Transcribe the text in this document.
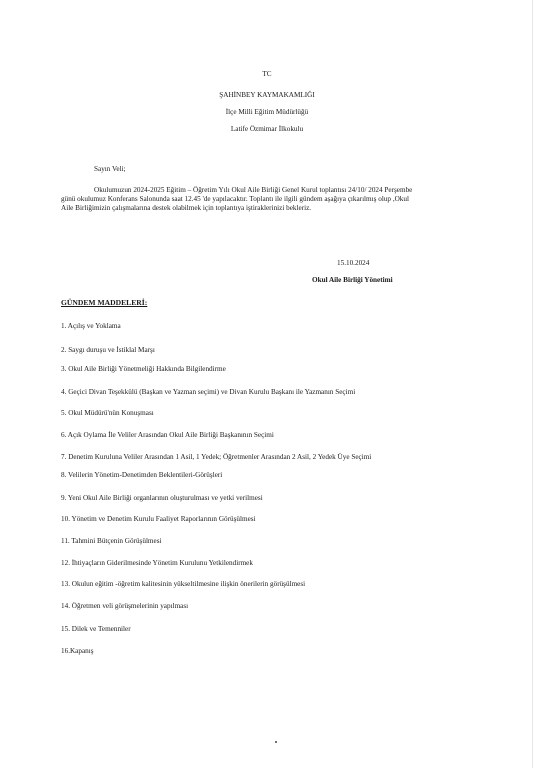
TC
ŞAHİNBEY KAYMAKAMLIĞI
İlçe Milli Eğitim Müdürlüğü
Latife Özmimar İlkokulu
Sayın Veli;
Okulumuzun 2024-2025 Eğitim – Öğretim Yılı Okul Aile Birliği Genel Kurul toplantısı 24/10/ 2024 Perşembe
günü okulumuz Konferans Salonunda saat 12.45 'de yapılacaktır. Toplantı ile ilgili gündem aşağıya çıkarılmış olup ,Okul
Aile Birliğimizin çalışmalarına destek olabilmek için toplantıya iştiraklerinizi bekleriz.
15.10.2024
Okul Aile Birliği Yönetimi
GÜNDEM MADDELERİ:
1. Açılış ve Yoklama
2. Saygı duruşu ve İstiklal Marşı
3. Okul Aile Birliği Yönetmeliği Hakkında Bilgilendirme
4. Geçici Divan Teşekkülü (Başkan ve Yazman seçimi) ve Divan Kurulu Başkanı ile Yazmanın Seçimi
5. Okul Müdürü'nün Konuşması
6. Açık Oylama İle Veliler Arasından Okul Aile Birliği Başkanının Seçimi
7. Denetim Kuruluna Veliler Arasından 1 Asil, 1 Yedek; Öğretmenler Arasından 2 Asil, 2 Yedek Üye Seçimi
8. Velilerin Yönetim-Denetimden Beklentileri-Görüşleri
9. Yeni Okul Aile Birliği organlarının oluşturulması ve yetki verilmesi
10. Yönetim ve Denetim Kurulu Faaliyet Raporlarının Görüşülmesi
11. Tahmini Bütçenin Görüşülmesi
12. İhtiyaçların Giderilmesinde Yönetim Kurulunu Yetkilendirmek
13. Okulun eğitim -öğretim kalitesinin yükseltilmesine ilişkin önerilerin görüşülmesi
14. Öğretmen veli görüşmelerinin yapılması
15. Dilek ve Temenniler
16.Kapanış
